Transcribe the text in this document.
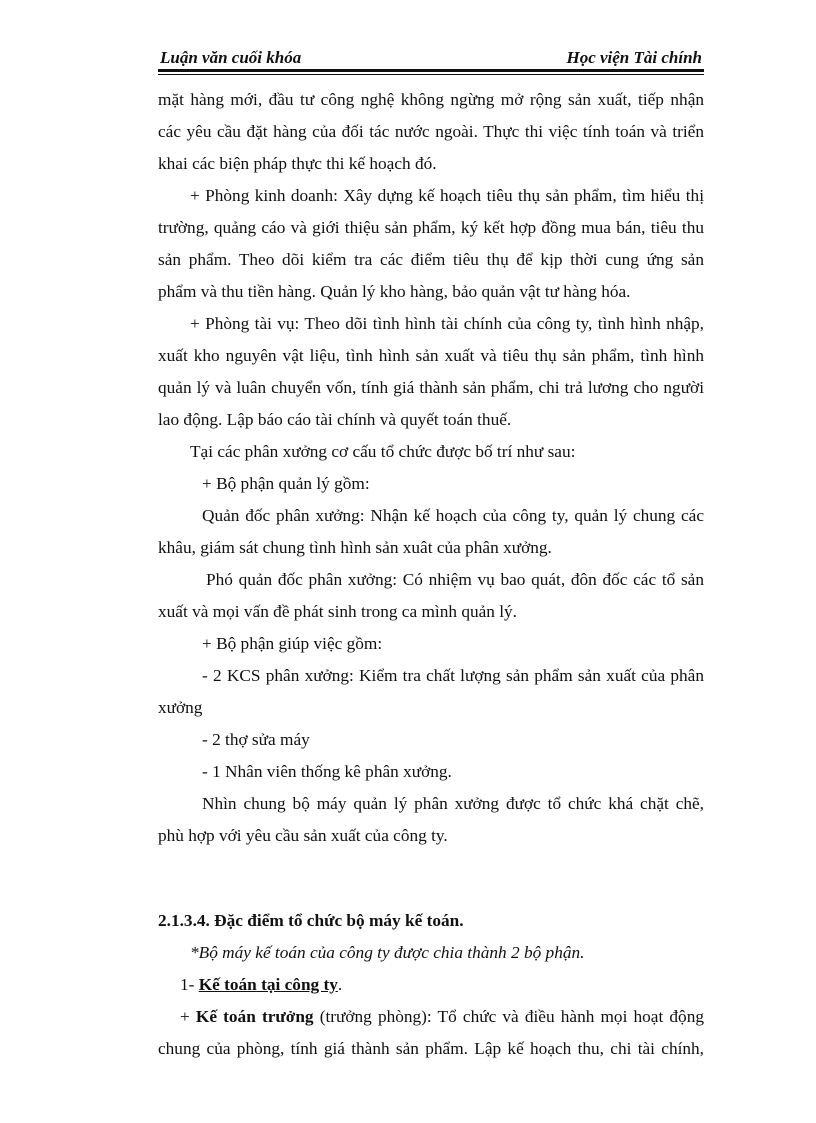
Luận văn cuối khóa	Học viện Tài chính
mặt hàng mới, đầu tư công nghệ không ngừng mở rộng sản xuất, tiếp nhận
các yêu cầu đặt hàng của đối tác nước ngoài. Thực thi việc tính toán và triển
khai các biện pháp thực thi kế hoạch đó.
+ Phòng kinh doanh: Xây dựng kế hoạch tiêu thụ sản phẩm, tìm hiểu thị
trường, quảng cáo và giới thiệu sản phẩm, ký kết hợp đồng mua bán, tiêu thu
sản phẩm. Theo dõi kiểm tra các điểm tiêu thụ để kịp thời cung ứng sản
phẩm và thu tiền hàng. Quản lý kho hàng, bảo quản vật tư hàng hóa.
+ Phòng tài vụ: Theo dõi tình hình tài chính của công ty, tình hình nhập,
xuất kho nguyên vật liệu, tình hình sản xuất và tiêu thụ sản phẩm, tình hình
quản lý và luân chuyển vốn, tính giá thành sản phẩm, chi trả lương cho người
lao động. Lập báo cáo tài chính và quyết toán thuế.
Tại các phân xưởng cơ cấu tổ chức được bố trí như sau:
+ Bộ phận quản lý gồm:
Quản đốc phân xưởng: Nhận kế hoạch của công ty, quản lý chung các
khâu, giám sát chung tình hình sản xuât của phân xưởng.
Phó quản đốc phân xưởng: Có nhiệm vụ bao quát, đôn đốc các tổ sản
xuất và mọi vấn đề phát sinh trong ca mình quản lý.
+ Bộ phận giúp việc gồm:
- 2 KCS phân xưởng: Kiểm tra chất lượng sản phẩm sản xuất của phân
xưởng
- 2 thợ sửa máy
- 1 Nhân viên thống kê phân xưởng.
Nhìn chung bộ máy quản lý phân xưởng được tổ chức khá chặt chẽ,
phù hợp với yêu cầu sản xuất của công ty.
2.1.3.4. Đặc điểm tổ chức bộ máy kế toán.
*Bộ máy kế toán của công ty được chia thành 2 bộ phận.
1- Kế toán tại công ty.
+ Kế toán trưởng (trưởng phòng): Tổ chức và điều hành mọi hoạt động
chung của phòng, tính giá thành sản phẩm. Lập kế hoạch thu, chi tài chính,
